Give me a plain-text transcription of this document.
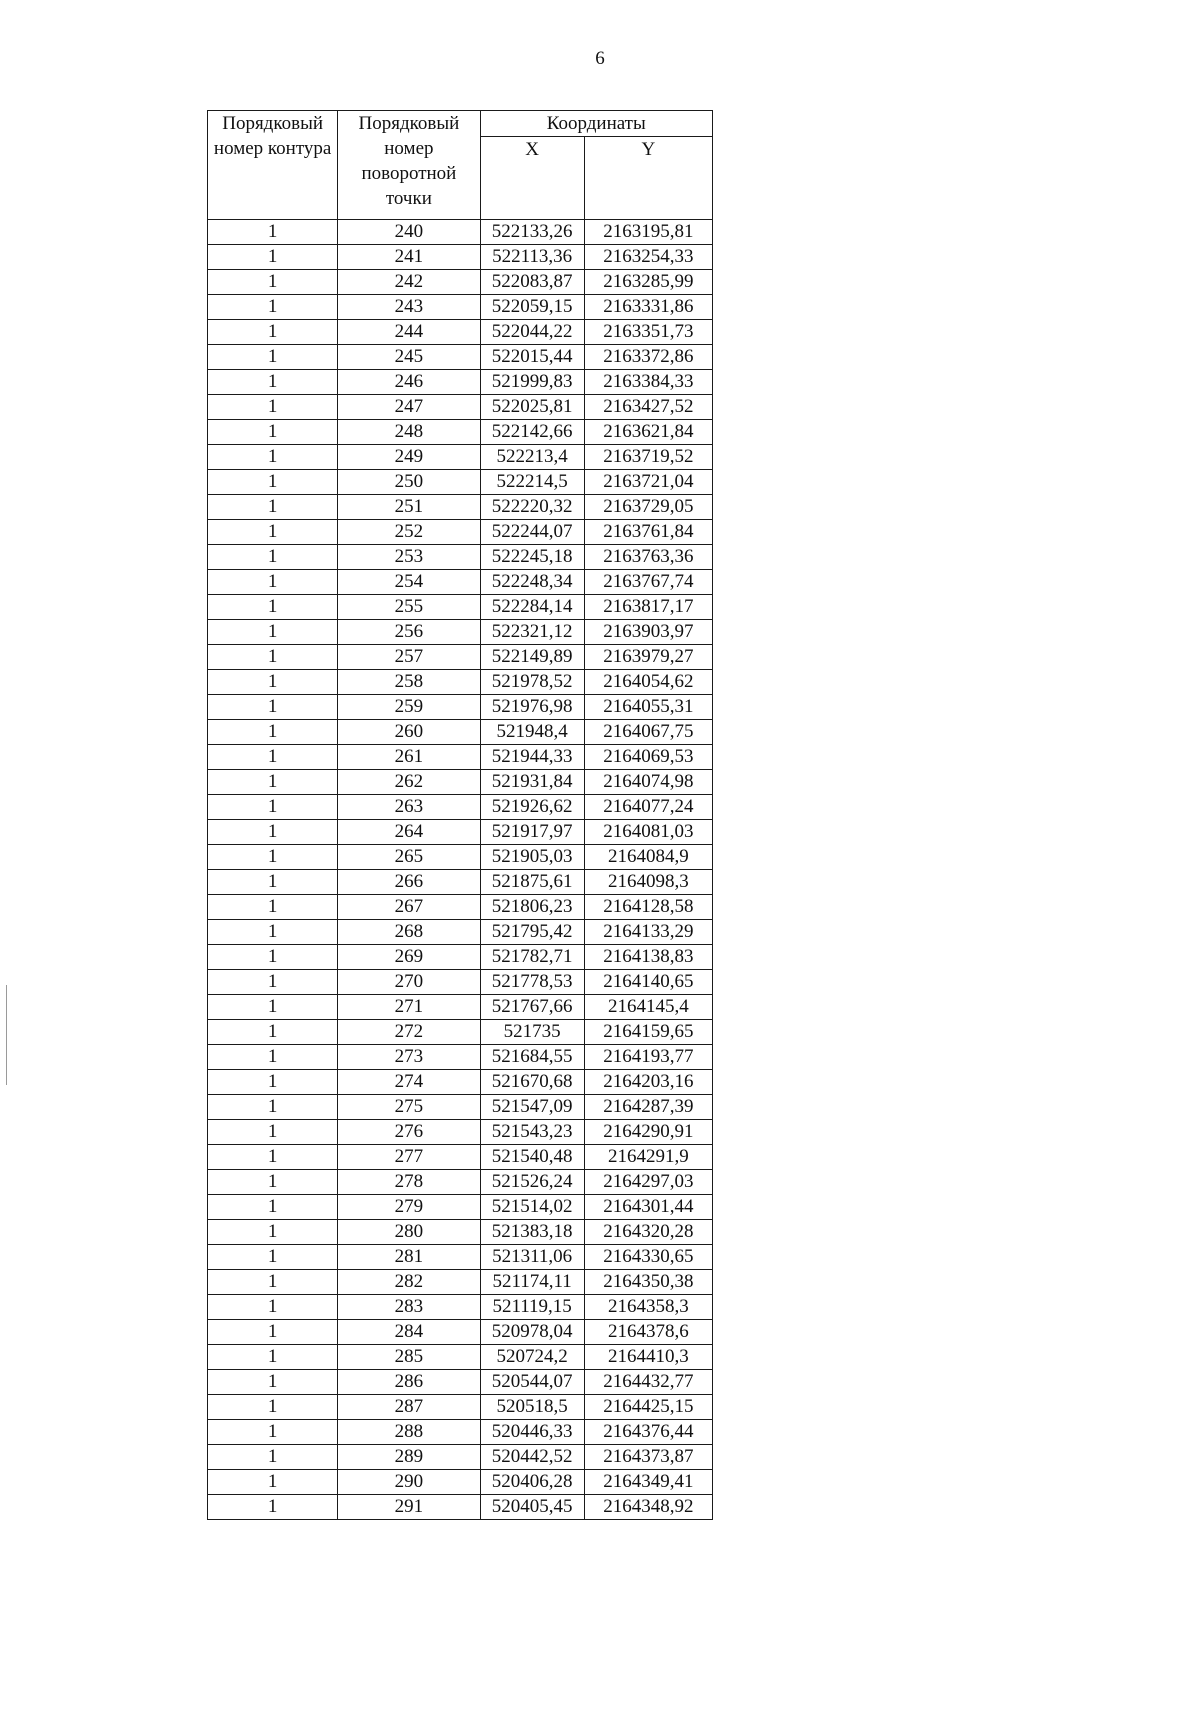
6
Порядковый номер контура	Порядковый номер поворотной точки	Координаты	
		X	Y
1	240	522133,26	2163195,81
1	241	522113,36	2163254,33
1	242	522083,87	2163285,99
1	243	522059,15	2163331,86
1	244	522044,22	2163351,73
1	245	522015,44	2163372,86
1	246	521999,83	2163384,33
1	247	522025,81	2163427,52
1	248	522142,66	2163621,84
1	249	522213,4	2163719,52
1	250	522214,5	2163721,04
1	251	522220,32	2163729,05
1	252	522244,07	2163761,84
1	253	522245,18	2163763,36
1	254	522248,34	2163767,74
1	255	522284,14	2163817,17
1	256	522321,12	2163903,97
1	257	522149,89	2163979,27
1	258	521978,52	2164054,62
1	259	521976,98	2164055,31
1	260	521948,4	2164067,75
1	261	521944,33	2164069,53
1	262	521931,84	2164074,98
1	263	521926,62	2164077,24
1	264	521917,97	2164081,03
1	265	521905,03	2164084,9
1	266	521875,61	2164098,3
1	267	521806,23	2164128,58
1	268	521795,42	2164133,29
1	269	521782,71	2164138,83
1	270	521778,53	2164140,65
1	271	521767,66	2164145,4
1	272	521735	2164159,65
1	273	521684,55	2164193,77
1	274	521670,68	2164203,16
1	275	521547,09	2164287,39
1	276	521543,23	2164290,91
1	277	521540,48	2164291,9
1	278	521526,24	2164297,03
1	279	521514,02	2164301,44
1	280	521383,18	2164320,28
1	281	521311,06	2164330,65
1	282	521174,11	2164350,38
1	283	521119,15	2164358,3
1	284	520978,04	2164378,6
1	285	520724,2	2164410,3
1	286	520544,07	2164432,77
1	287	520518,5	2164425,15
1	288	520446,33	2164376,44
1	289	520442,52	2164373,87
1	290	520406,28	2164349,41
1	291	520405,45	2164348,92
